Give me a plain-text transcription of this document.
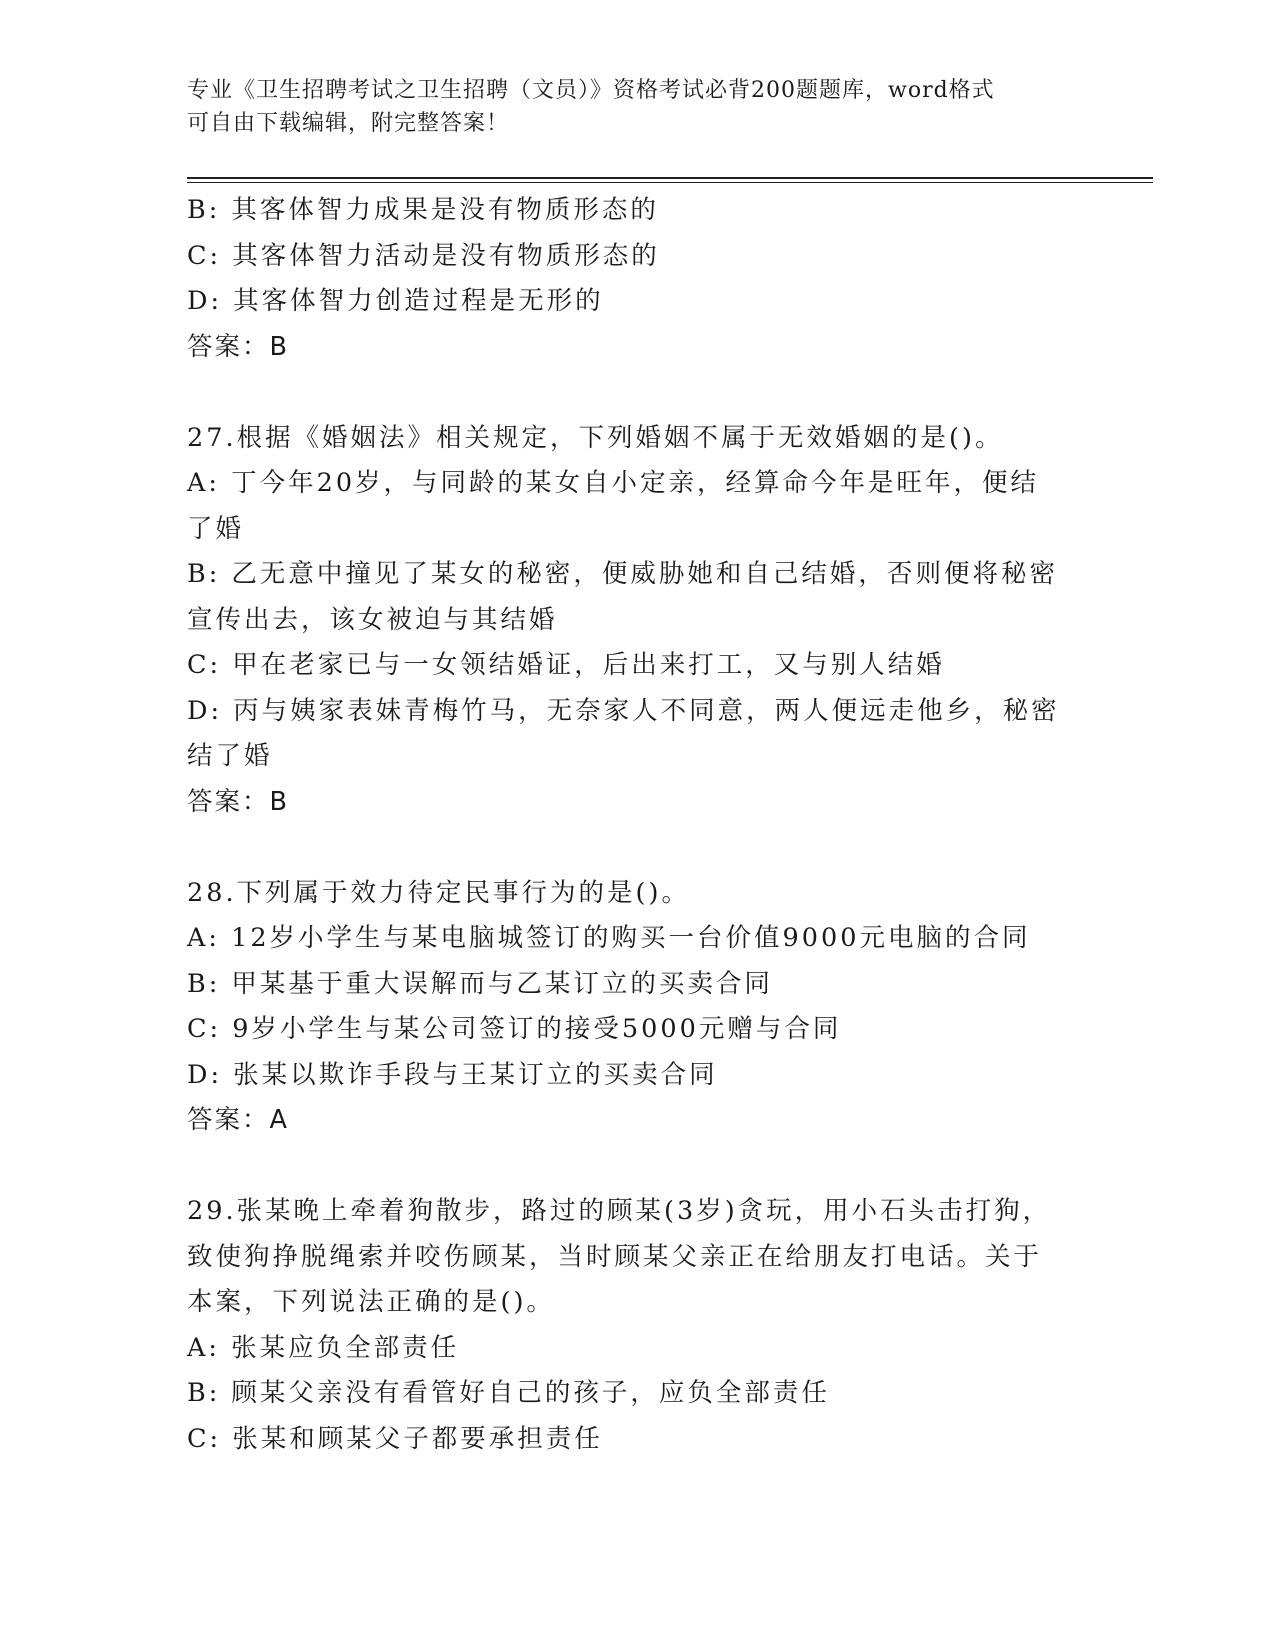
专业《卫生招聘考试之卫生招聘（文员）》资格考试必背200题题库，word格式
可自由下载编辑，附完整答案！
B: 其客体智力成果是没有物质形态的
C: 其客体智力活动是没有物质形态的
D: 其客体智力创造过程是无形的
答案：B
27.根据《婚姻法》相关规定，下列婚姻不属于无效婚姻的是()。
A: 丁今年20岁，与同龄的某女自小定亲，经算命今年是旺年，便结
了婚
B: 乙无意中撞见了某女的秘密，便威胁她和自己结婚，否则便将秘密
宣传出去，该女被迫与其结婚
C: 甲在老家已与一女领结婚证，后出来打工，又与别人结婚
D: 丙与姨家表妹青梅竹马，无奈家人不同意，两人便远走他乡，秘密
结了婚
答案：B
28.下列属于效力待定民事行为的是()。
A: 12岁小学生与某电脑城签订的购买一台价值9000元电脑的合同
B: 甲某基于重大误解而与乙某订立的买卖合同
C: 9岁小学生与某公司签订的接受5000元赠与合同
D: 张某以欺诈手段与王某订立的买卖合同
答案：A
29.张某晚上牵着狗散步，路过的顾某(3岁)贪玩，用小石头击打狗，
致使狗挣脱绳索并咬伤顾某，当时顾某父亲正在给朋友打电话。关于
本案，下列说法正确的是()。
A: 张某应负全部责任
B: 顾某父亲没有看管好自己的孩子，应负全部责任
C: 张某和顾某父子都要承担责任
